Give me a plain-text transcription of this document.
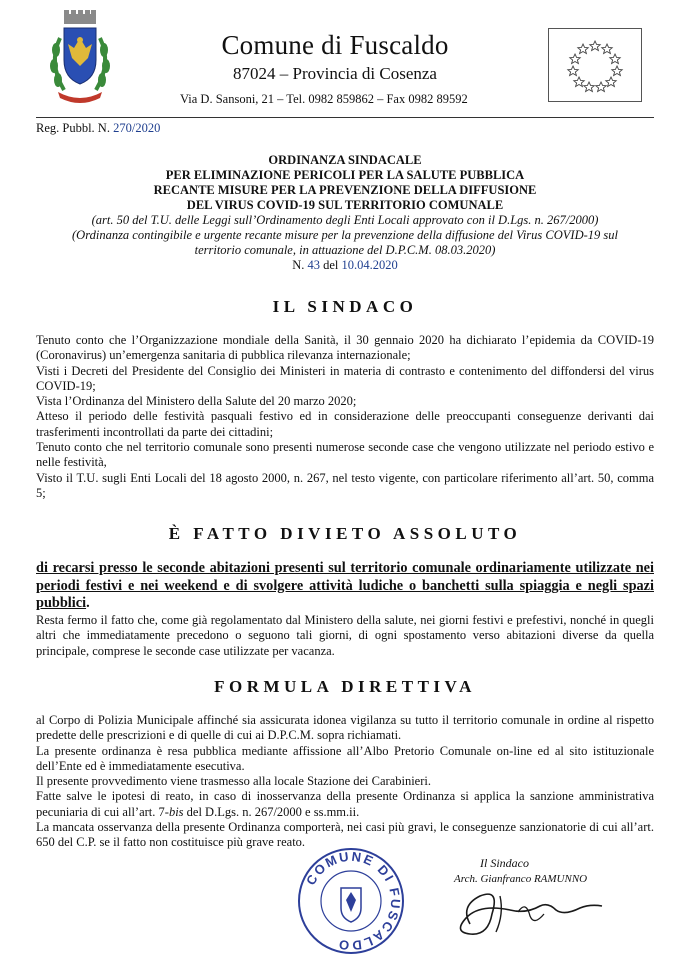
Comune di Fuscaldo
87024 – Provincia di Cosenza
Via D. Sansoni, 21 – Tel. 0982 859862 – Fax 0982 89592
Reg. Pubbl. N. 270/2020
ORDINANZA SINDACALE
PER ELIMINAZIONE PERICOLI PER LA SALUTE PUBBLICA
RECANTE MISURE PER LA PREVENZIONE DELLA DIFFUSIONE
DEL VIRUS COVID-19 SUL TERRITORIO COMUNALE
(art. 50 del T.U. delle Leggi sull’Ordinamento degli Enti Locali approvato con il D.Lgs. n. 267/2000)
(Ordinanza contingibile e urgente recante misure per la prevenzione della diffusione del Virus COVID-19 sul territorio comunale, in attuazione del D.P.C.M. 08.03.2020)
N. 43 del 10.04.2020
IL SINDACO

Tenuto conto che l’Organizzazione mondiale della Sanità, il 30 gennaio 2020 ha dichiarato l’epidemia da COVID-19 (Coronavirus) un’emergenza sanitaria di pubblica rilevanza internazionale;

Visti i Decreti del Presidente del Consiglio dei Ministeri in materia di contrasto e contenimento del diffondersi del virus COVID-19;

Vista l’Ordinanza del Ministero della Salute del 20 marzo 2020;

Atteso il periodo delle festività pasquali festivo ed in considerazione delle preoccupanti conseguenze derivanti dai trasferimenti incontrollati da parte dei cittadini;

Tenuto conto che nel territorio comunale sono presenti numerose seconde case che vengono utilizzate nel periodo estivo e nelle festività,

Visto il T.U. sugli Enti Locali del 18 agosto 2000, n. 267, nel testo vigente, con particolare riferimento all’art. 50, comma 5;

È FATTO DIVIETO ASSOLUTO
di recarsi presso le seconde abitazioni presenti sul territorio comunale ordinariamente utilizzate nei periodi festivi e nei weekend e di svolgere attività ludiche o banchetti sulla spiaggia e negli spazi pubblici.
Resta fermo il fatto che, come già regolamentato dal Ministero della salute, nei giorni festivi e prefestivi, nonché in quegli altri che immediatamente precedono o seguono tali giorni, di ogni spostamento verso abitazioni diverse da quella principale, comprese le seconde case utilizzate per vacanza.
FORMULA DIRETTIVA

al Corpo di Polizia Municipale affinché sia assicurata idonea vigilanza su tutto il territorio comunale in ordine al rispetto predette delle prescrizioni e di quelle di cui ai D.P.C.M. sopra richiamati.

La presente ordinanza è resa pubblica mediante affissione all’Albo Pretorio Comunale on-line ed al sito istituzionale dell’Ente ed è immediatamente esecutiva.

Il presente provvedimento viene trasmesso alla locale Stazione dei Carabinieri.

Fatte salve le ipotesi di reato, in caso di inosservanza della presente Ordinanza si applica la sanzione amministrativa pecuniaria di cui all’art. 7-bis del D.Lgs. n. 267/2000 e ss.mm.ii.

La mancata osservanza della presente Ordinanza comporterà, nei casi più gravi, le conseguenze sanzionatorie di cui all’art. 650 del C.P. se il fatto non costituisce più grave reato.

COMUNE DI FUSCALDO
Il Sindaco
Arch. Gianfranco RAMUNNO
